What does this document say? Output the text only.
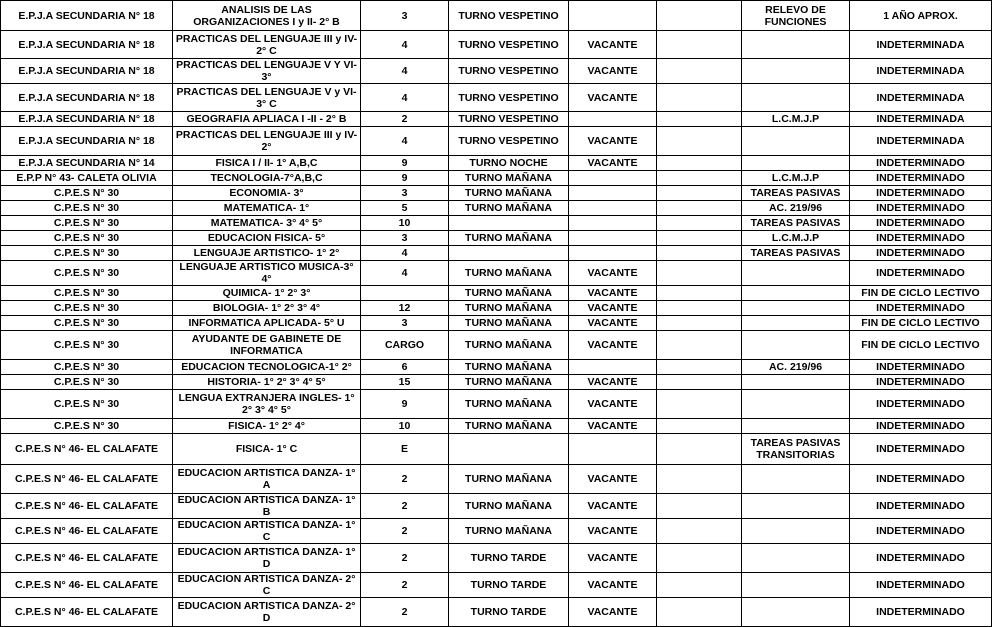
E.P.J.A SECUNDARIA N° 18	ANALISIS DE LAS ORGANIZACIONES I y II- 2° B	3	TURNO VESPETINO			RELEVO DE FUNCIONES	1 AÑO APROX.
E.P.J.A SECUNDARIA N° 18	PRACTICAS DEL LENGUAJE III y IV- 2° C	4	TURNO VESPETINO	VACANTE			INDETERMINADA
E.P.J.A SECUNDARIA N° 18	PRACTICAS DEL LENGUAJE V Y VI- 3°	4	TURNO VESPETINO	VACANTE			INDETERMINADA
E.P.J.A SECUNDARIA N° 18	PRACTICAS DEL LENGUAJE V y VI- 3° C	4	TURNO VESPETINO	VACANTE			INDETERMINADA
E.P.J.A SECUNDARIA N° 18	GEOGRAFIA APLIACA I -II - 2° B	2	TURNO VESPETINO			L.C.M.J.P	INDETERMINADA
E.P.J.A SECUNDARIA N° 18	PRACTICAS DEL LENGUAJE III y IV- 2°	4	TURNO VESPETINO	VACANTE			INDETERMINADA
E.P.J.A SECUNDARIA N° 14	FISICA I / II- 1° A,B,C	9	TURNO NOCHE	VACANTE			INDETERMINADO
E.P.P N° 43- CALETA OLIVIA	TECNOLOGIA-7°A,B,C	9	TURNO MAÑANA			L.C.M.J.P	INDETERMINADO
C.P.E.S N° 30	ECONOMIA- 3°	3	TURNO MAÑANA			TAREAS PASIVAS	INDETERMINADO
C.P.E.S N° 30	MATEMATICA- 1°	5	TURNO MAÑANA			AC. 219/96	INDETERMINADO
C.P.E.S N° 30	MATEMATICA- 3° 4° 5°	10				TAREAS PASIVAS	INDETERMINADO
C.P.E.S N° 30	EDUCACION FISICA- 5°	3	TURNO MAÑANA			L.C.M.J.P	INDETERMINADO
C.P.E.S N° 30	LENGUAJE ARTISTICO- 1° 2°	4				TAREAS PASIVAS	INDETERMINADO
C.P.E.S N° 30	LENGUAJE ARTISTICO MUSICA-3° 4°	4	TURNO MAÑANA	VACANTE			INDETERMINADO
C.P.E.S N° 30	QUIMICA- 1° 2° 3°		TURNO MAÑANA	VACANTE			FIN DE CICLO LECTIVO
C.P.E.S N° 30	BIOLOGIA- 1° 2° 3° 4°	12	TURNO MAÑANA	VACANTE			INDETERMINADO
C.P.E.S N° 30	INFORMATICA APLICADA- 5° U	3	TURNO MAÑANA	VACANTE			FIN DE CICLO LECTIVO
C.P.E.S N° 30	AYUDANTE DE GABINETE DE INFORMATICA	CARGO	TURNO MAÑANA	VACANTE			FIN DE CICLO LECTIVO
C.P.E.S N° 30	EDUCACION TECNOLOGICA-1° 2°	6	TURNO MAÑANA			AC. 219/96	INDETERMINADO
C.P.E.S N° 30	HISTORIA- 1° 2° 3° 4° 5°	15	TURNO MAÑANA	VACANTE			INDETERMINADO
C.P.E.S N° 30	LENGUA EXTRANJERA INGLES- 1° 2° 3° 4° 5°	9	TURNO MAÑANA	VACANTE			INDETERMINADO
C.P.E.S N° 30	FISICA- 1° 2° 4°	10	TURNO MAÑANA	VACANTE			INDETERMINADO
C.P.E.S N° 46- EL CALAFATE	FISICA- 1° C	E				TAREAS PASIVAS TRANSITORIAS	INDETERMINADO
C.P.E.S N° 46- EL CALAFATE	EDUCACION ARTISTICA DANZA- 1° A	2	TURNO MAÑANA	VACANTE			INDETERMINADO
C.P.E.S N° 46- EL CALAFATE	EDUCACION ARTISTICA DANZA- 1° B	2	TURNO MAÑANA	VACANTE			INDETERMINADO
C.P.E.S N° 46- EL CALAFATE	EDUCACION ARTISTICA DANZA- 1° C	2	TURNO MAÑANA	VACANTE			INDETERMINADO
C.P.E.S N° 46- EL CALAFATE	EDUCACION ARTISTICA DANZA- 1° D	2	TURNO TARDE	VACANTE			INDETERMINADO
C.P.E.S N° 46- EL CALAFATE	EDUCACION ARTISTICA DANZA- 2° C	2	TURNO TARDE	VACANTE			INDETERMINADO
C.P.E.S N° 46- EL CALAFATE	EDUCACION ARTISTICA DANZA- 2° D	2	TURNO TARDE	VACANTE			INDETERMINADO
